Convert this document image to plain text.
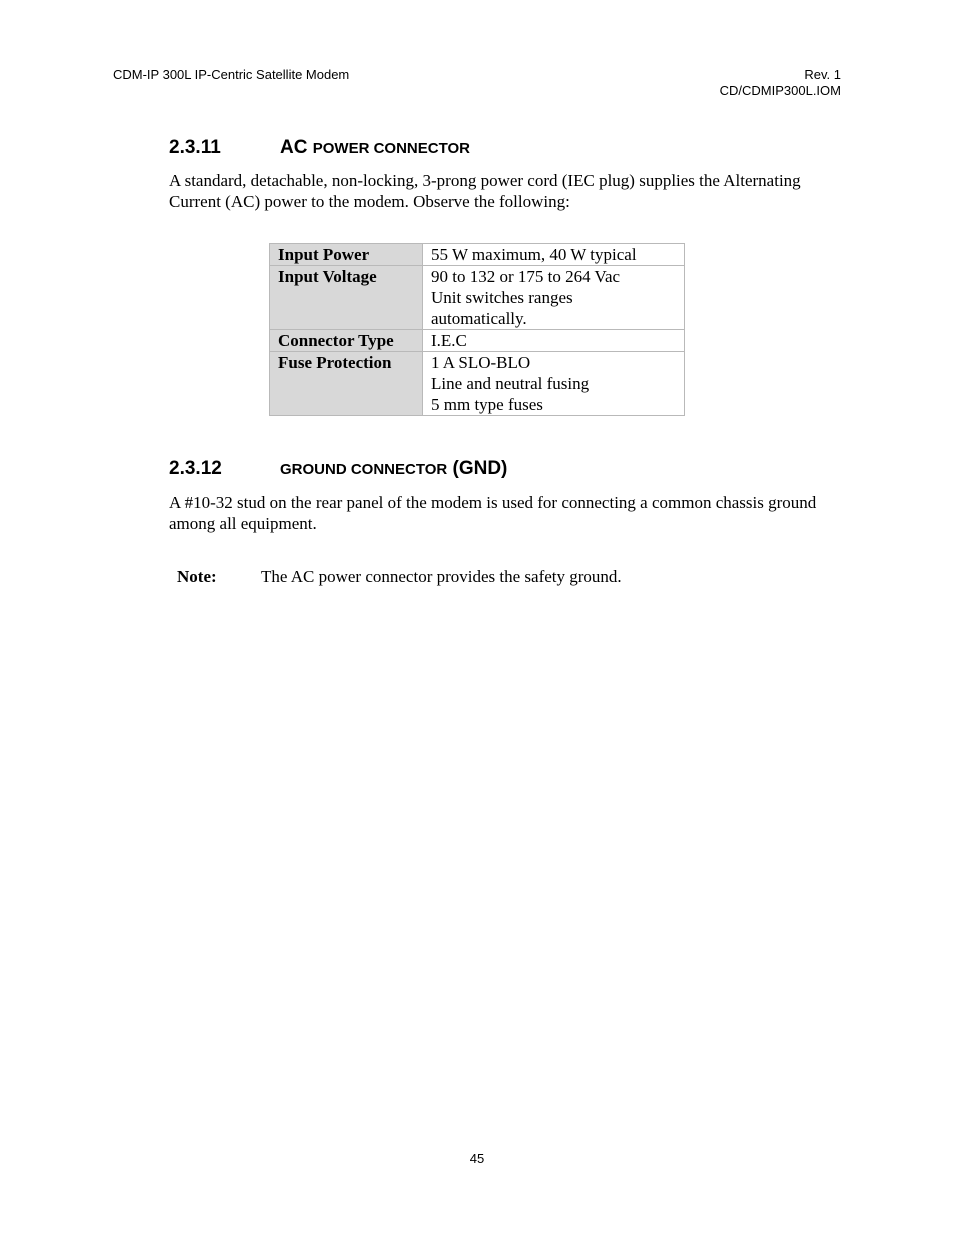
CDM-IP 300L IP-Centric Satellite Modem	Rev. 1
CD/CDMIP300L.IOM
2.3.11	AC POWER CONNECTOR
A standard, detachable, non-locking, 3-prong power cord (IEC plug) supplies the Alternating Current (AC) power to the modem. Observe the following:
Input Power	55 W maximum, 40 W typical

Input Voltage	90 to 132 or 175 to 264 Vac
Unit switches ranges
automatically.

Connector Type	I.E.C

Fuse Protection	1 A SLO-BLO
Line and neutral fusing
5 mm type fuses
2.3.12	GROUND CONNECTOR (GND)
A #10-32 stud on the rear panel of the modem is used for connecting a common chassis ground among all equipment.
Note:	The AC power connector provides the safety ground.
45
